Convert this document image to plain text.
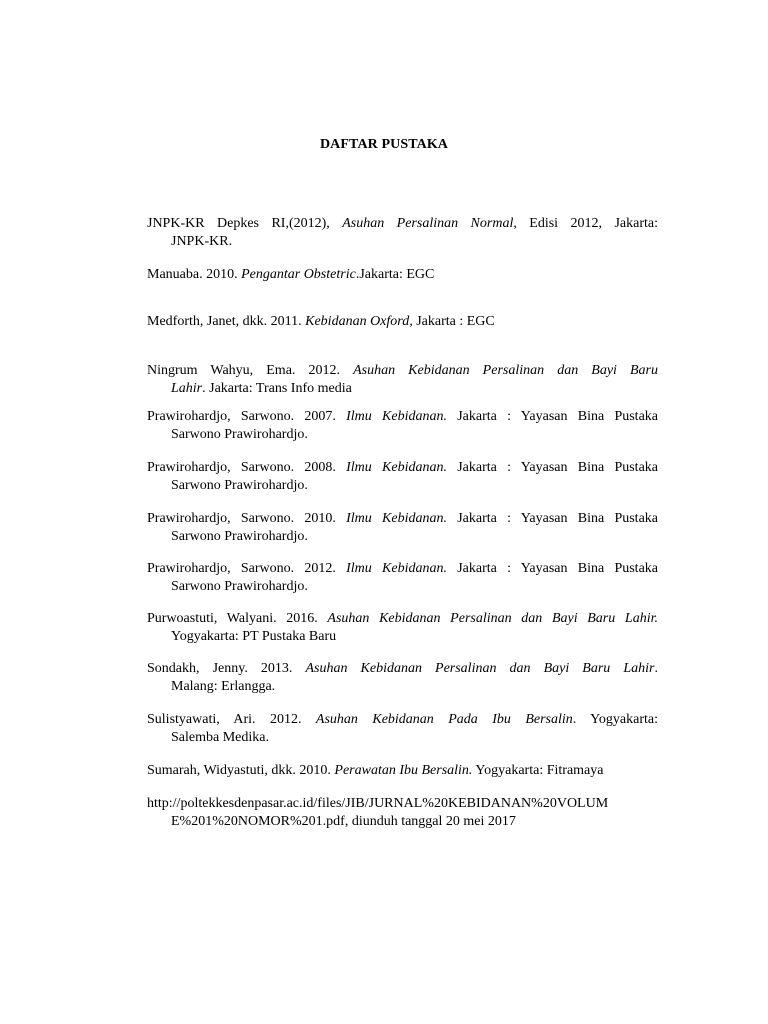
DAFTAR PUSTAKA
JNPK-KR Depkes RI,(2012), Asuhan Persalinan Normal, Edisi 2012, Jakarta:
JNPK-KR.
Manuaba. 2010. Pengantar Obstetric.Jakarta: EGC
Medforth, Janet, dkk. 2011. Kebidanan Oxford, Jakarta : EGC
Ningrum Wahyu, Ema. 2012. Asuhan Kebidanan Persalinan dan Bayi Baru
Lahir. Jakarta: Trans Info media
Prawirohardjo, Sarwono. 2007. Ilmu Kebidanan. Jakarta : Yayasan Bina Pustaka
Sarwono Prawirohardjo.
Prawirohardjo, Sarwono. 2008. Ilmu Kebidanan. Jakarta : Yayasan Bina Pustaka
Sarwono Prawirohardjo.
Prawirohardjo, Sarwono. 2010. Ilmu Kebidanan. Jakarta : Yayasan Bina Pustaka
Sarwono Prawirohardjo.
Prawirohardjo, Sarwono. 2012. Ilmu Kebidanan. Jakarta : Yayasan Bina Pustaka
Sarwono Prawirohardjo.
Purwoastuti, Walyani. 2016. Asuhan Kebidanan Persalinan dan Bayi Baru Lahir.
Yogyakarta: PT Pustaka Baru
Sondakh, Jenny. 2013. Asuhan Kebidanan Persalinan dan Bayi Baru Lahir.
Malang: Erlangga.
Sulistyawati, Ari. 2012. Asuhan Kebidanan Pada Ibu Bersalin. Yogyakarta:
Salemba Medika.
Sumarah, Widyastuti, dkk. 2010. Perawatan Ibu Bersalin. Yogyakarta: Fitramaya
http://poltekkesdenpasar.ac.id/files/JIB/JURNAL%20KEBIDANAN%20VOLUM
E%201%20NOMOR%201.pdf, diunduh tanggal 20 mei 2017
